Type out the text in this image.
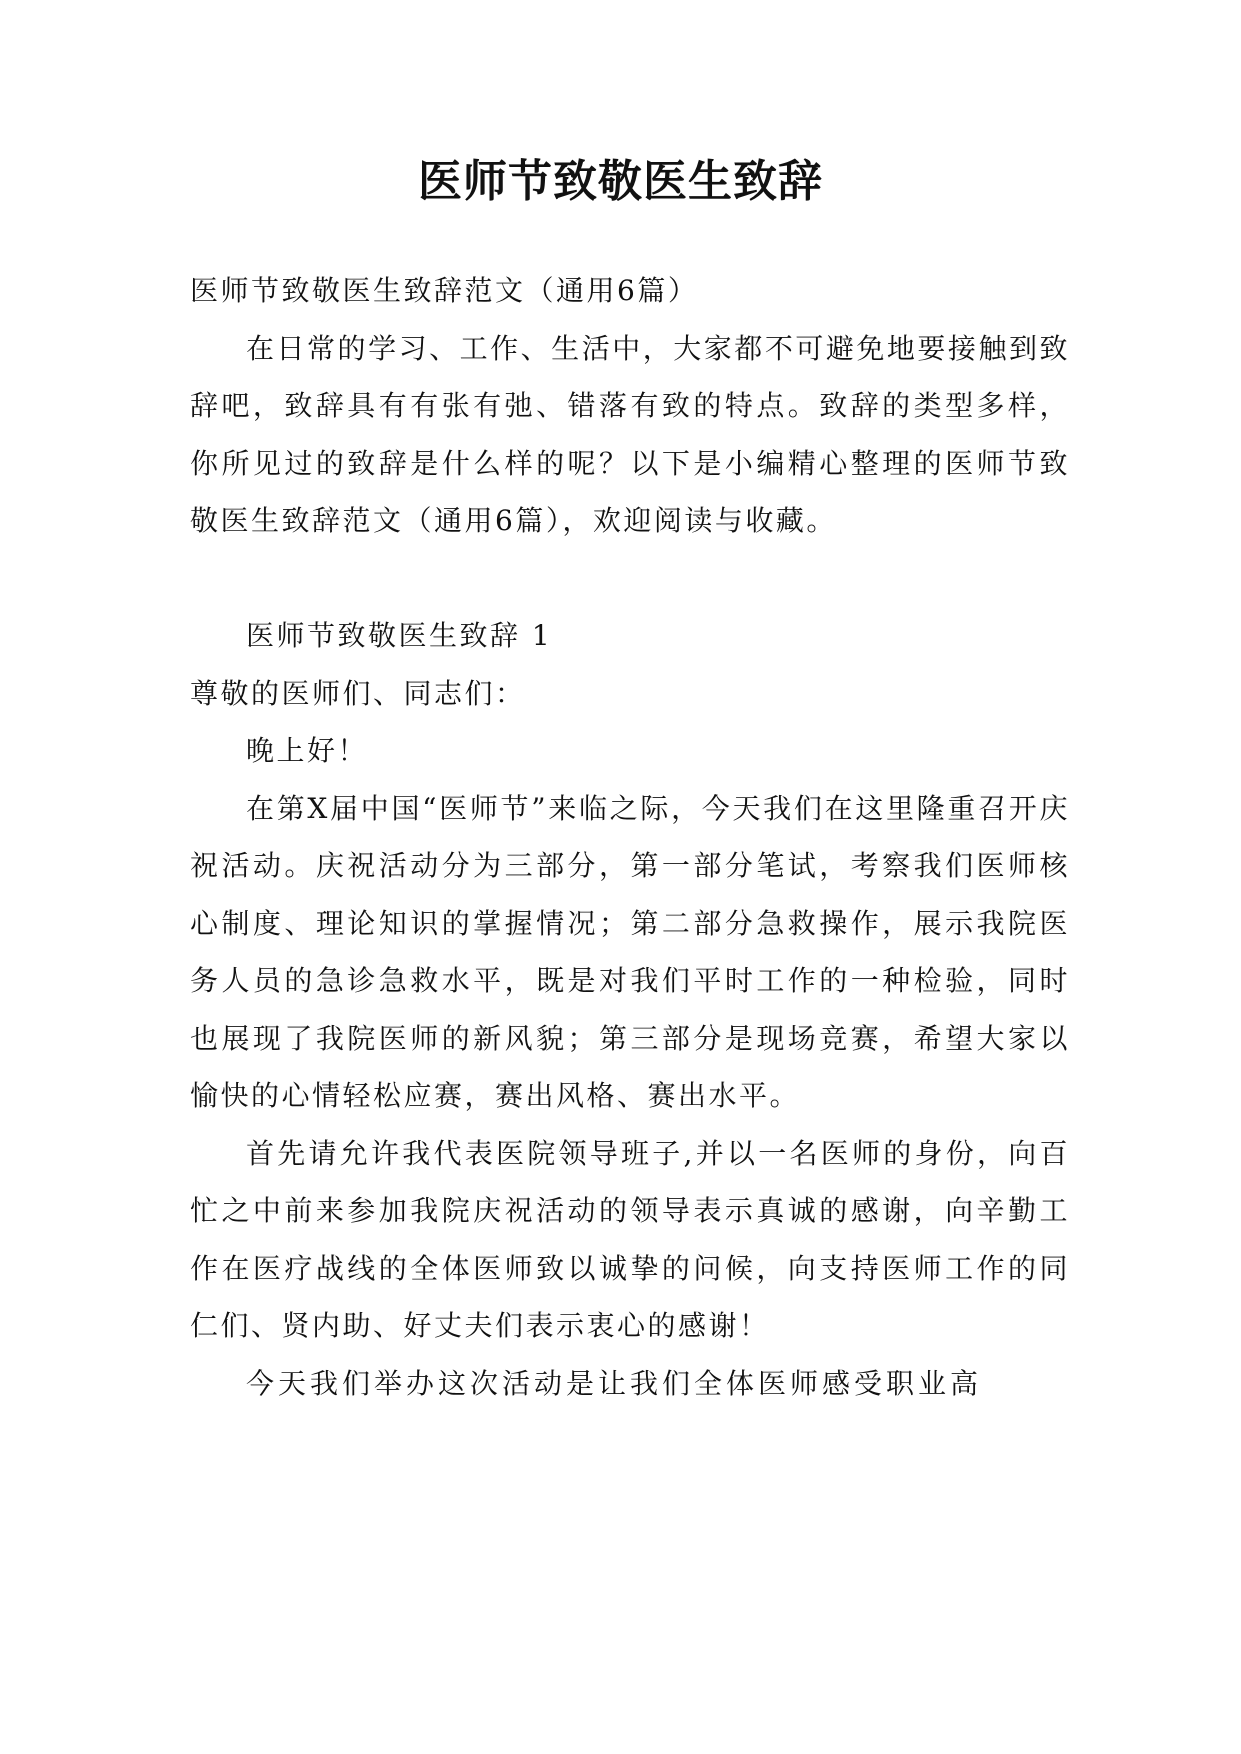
医师节致敬医生致辞

医师节致敬医生致辞范文（通用6篇）

在日常的学习、工作、生活中，大家都不可避免地要接触到致辞吧，致辞具有有张有弛、错落有致的特点。致辞的类型多样，你所见过的致辞是什么样的呢？以下是小编精心整理的医师节致敬医生致辞范文（通用6篇），欢迎阅读与收藏。

医师节致敬医生致辞 1

尊敬的医师们、同志们：

晚上好！

在第X届中国“医师节”来临之际，今天我们在这里隆重召开庆祝活动。庆祝活动分为三部分，第一部分笔试，考察我们医师核心制度、理论知识的掌握情况；第二部分急救操作，展示我院医务人员的急诊急救水平，既是对我们平时工作的一种检验，同时也展现了我院医师的新风貌；第三部分是现场竞赛，希望大家以愉快的心情轻松应赛，赛出风格、赛出水平。

首先请允许我代表医院领导班子,并以一名医师的身份，向百忙之中前来参加我院庆祝活动的领导表示真诚的感谢，向辛勤工作在医疗战线的全体医师致以诚挚的问候，向支持医师工作的同仁们、贤内助、好丈夫们表示衷心的感谢！

今天我们举办这次活动是让我们全体医师感受职业高
